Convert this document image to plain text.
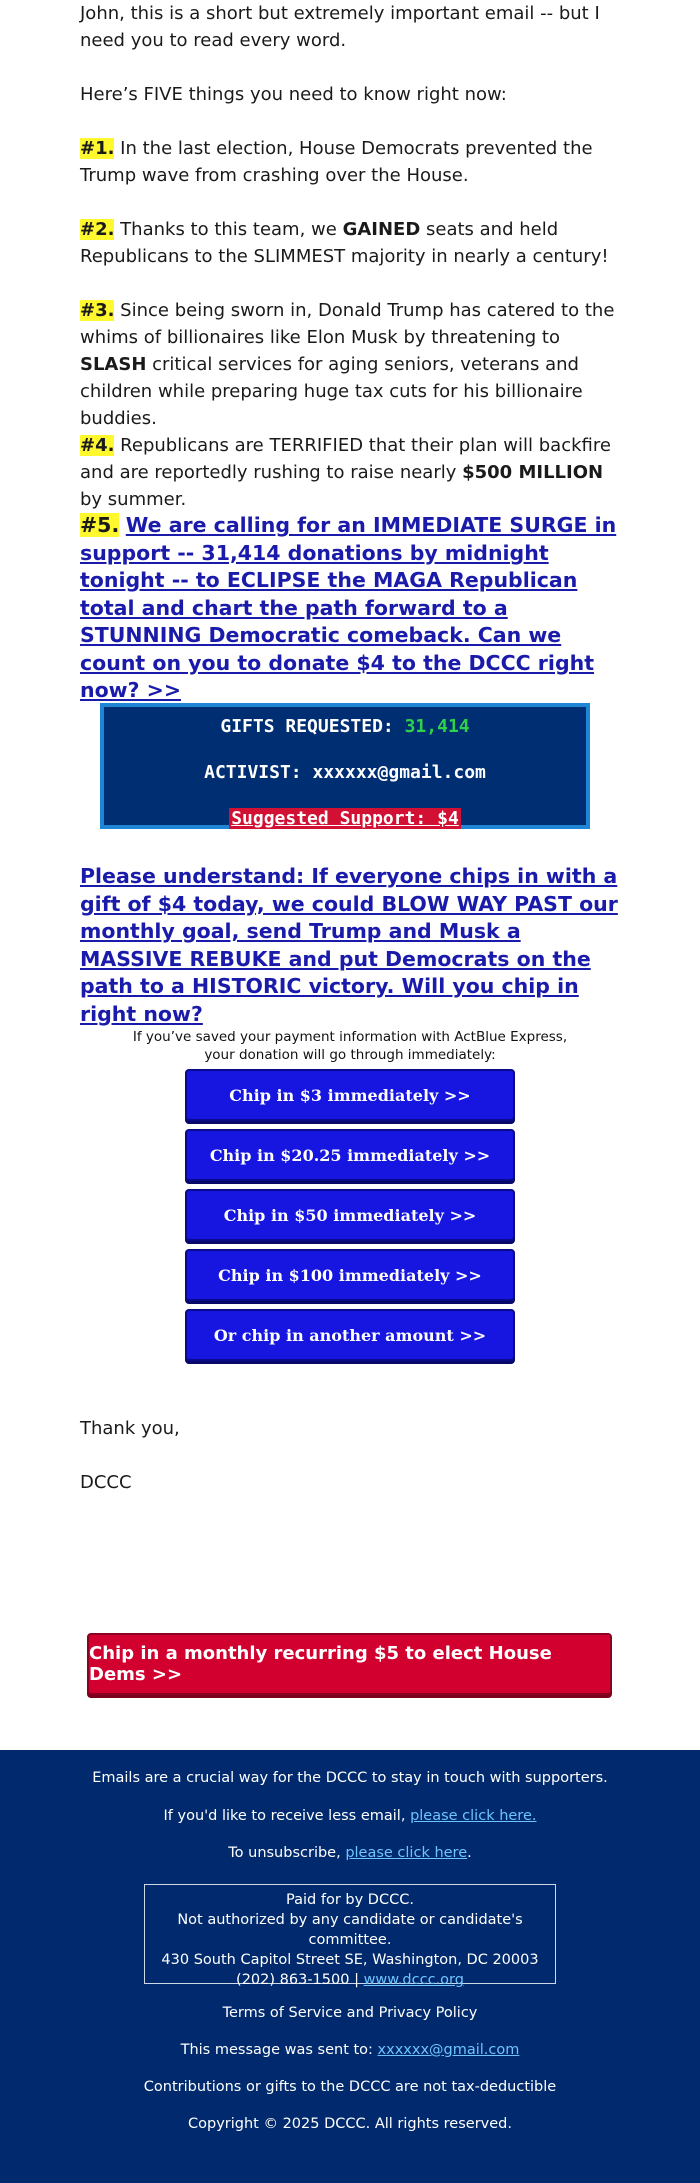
John, this is a short but extremely important email -- but I need you to read every word.

Here’s FIVE things you need to know right now:

#1. In the last election, House Democrats prevented the Trump wave from crashing over the House.

#2. Thanks to this team, we GAINED seats and held Republicans to the SLIMMEST majority in nearly a century!

#3. Since being sworn in, Donald Trump has catered to the whims of billionaires like Elon Musk by threatening to SLASH critical services for aging seniors, veterans and children while preparing huge tax cuts for his billionaire buddies.

#4. Republicans are TERRIFIED that their plan will backfire and are reportedly rushing to raise nearly $500 MILLION by summer.

#5. We are calling for an IMMEDIATE SURGE in support -- 31,414 donations by midnight tonight -- to ECLIPSE the MAGA Republican total and chart the path forward to a STUNNING Democratic comeback. Can we count on you to donate $4 to the DCCC right now? >>

Please understand: If everyone chips in with a gift of $4 today, we could BLOW WAY PAST our monthly goal, send Trump and Musk a MASSIVE REBUKE and put Democrats on the path to a HISTORIC victory. Will you chip in right now?

GIFTS REQUESTED: 31,414
ACTIVIST: xxxxxx@gmail.com
Suggested Support: $4
If you’ve saved your payment information with ActBlue Express,
your donation will go through immediately:
Chip in $3 immediately >>
Chip in $20.25 immediately >>
Chip in $50 immediately >>
Chip in $100 immediately >>
Or chip in another amount >>
Thank you,
DCCC
Chip in a monthly recurring $5 to elect House Dems >>
Emails are a crucial way for the DCCC to stay in touch with supporters.
If you'd like to receive less email, please click here.
To unsubscribe, please click here.
Paid for by DCCC.
Not authorized by any candidate or candidate's committee.
430 South Capitol Street SE, Washington, DC 20003
(202) 863-1500 | www.dccc.org
Terms of Service and Privacy Policy
This message was sent to: xxxxxx@gmail.com
Contributions or gifts to the DCCC are not tax-deductible
Copyright © 2025 DCCC. All rights reserved.
